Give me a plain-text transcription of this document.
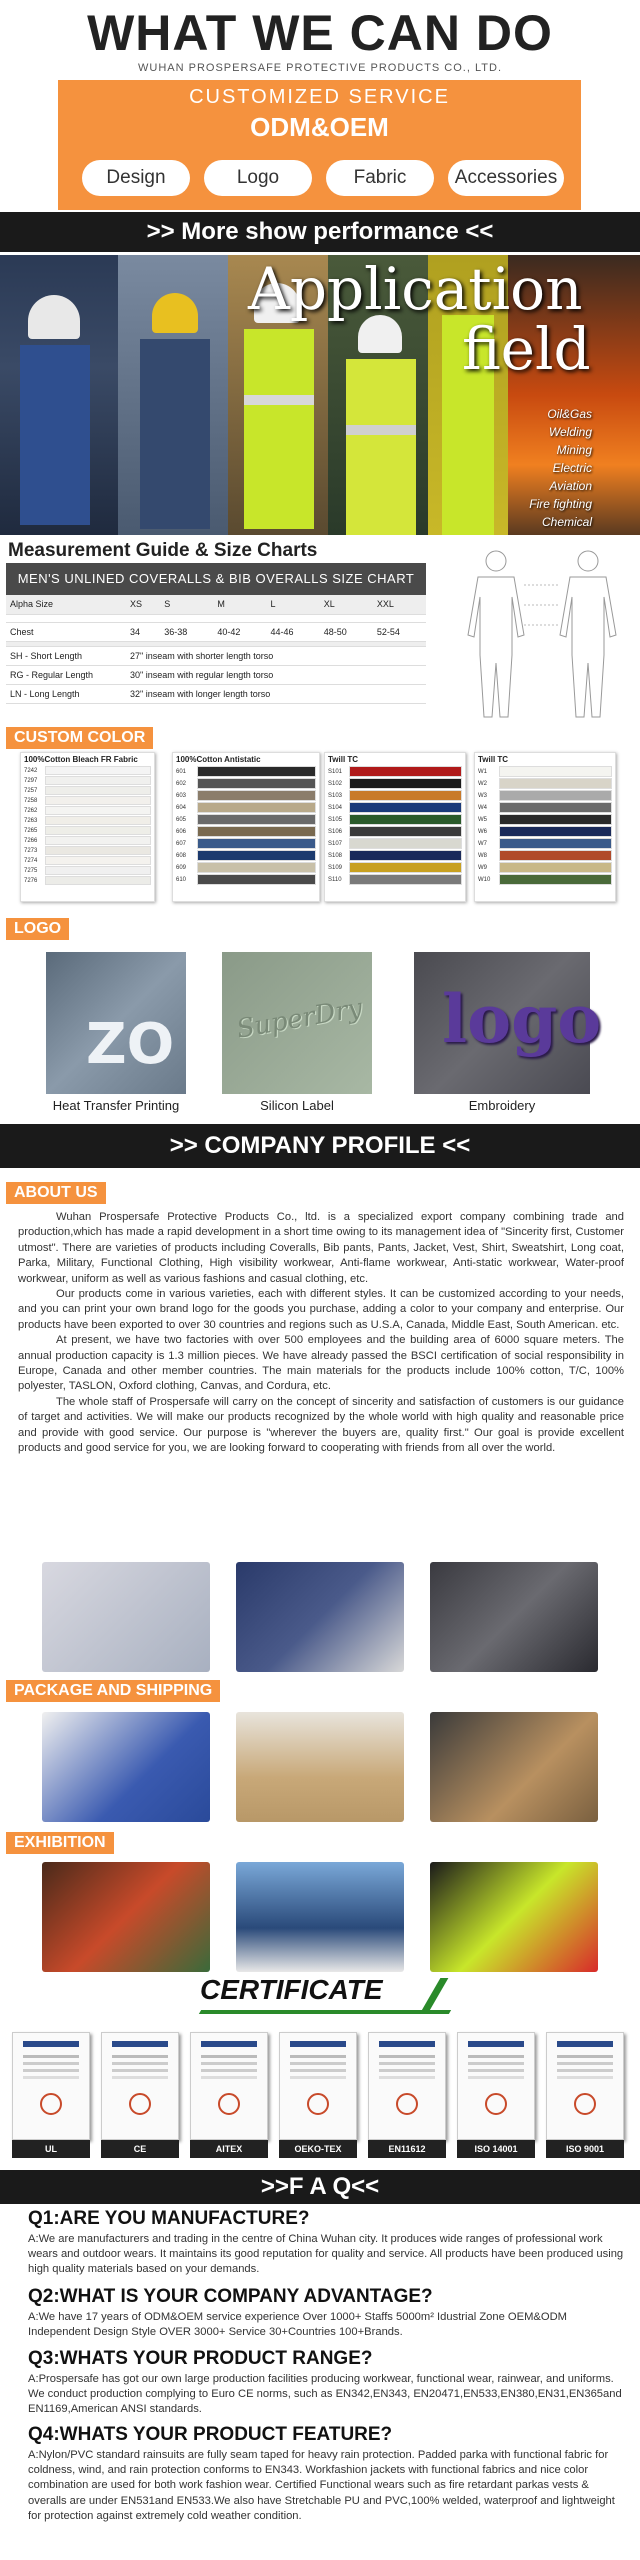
WHAT WE CAN DO
WUHAN PROSPERSAFE PROTECTIVE PRODUCTS CO., LTD.
CUSTOMIZED SERVICE
ODM&OEM
Design	Logo	Fabric	Accessories
>> More show performance <<
Application
field
Oil&Gas
Welding
Mining
Electric
Aviation
Fire fighting
Chemical
Measurement Guide & Size Charts
MEN'S UNLINED COVERALLS & BIB OVERALLS SIZE CHART
Alpha Size	XS	S	M	L	XL	XXL

Chest	34	36-38	40-42	44-46	48-50	52-54

SH - Short Length	27" inseam with shorter length torso					
RG - Regular Length	30" inseam with regular length torso					
LN - Long Length	32" inseam with longer length torso					
CUSTOM COLOR
100%Cotton Bleach FR Fabric
7242
7297
7257
7258
7262
7263
7265
7266
7273
7274
7275
7276
100%Cotton Antistatic
601
602
603
604
605
606
607
608
609
610
Twill TC
S101
S102
S103
S104
S105
S106
S107
S108
S109
S110
Twill TC
W1
W2
W3
W4
W5
W6
W7
W8
W9
W10
LOGO
ZO SuperDry logo
Heat Transfer Printing	Silicon Label	Embroidery
>> COMPANY PROFILE <<
ABOUT US

Wuhan Prospersafe Protective Products Co., ltd. is a specialized export company combining trade and production,which has made a rapid development in a short time owing to its management idea of "Sincerity first, Customer utmost". There are varieties of products including Coveralls, Bib pants, Pants, Jacket, Vest, Shirt, Sweatshirt, Long coat, Parka, Military, Functional Clothing, High visibility workwear, Anti-flame workwear, Anti-static workwear, Water-proof workwear, uniform as well as various fashions and casual clothing, etc.

Our products come in various varieties, each with different styles. It can be customized according to your needs, and you can print your own brand logo for the goods you purchase, adding a color to your company and enterprise. Our products have been exported to over 30 countries and regions such as U.S.A, Canada, Middle East, South American. etc.

At present, we have two factories with over 500 employees and the building area of 6000 square meters. The annual production capacity is 1.3 million pieces. We have already passed the BSCI certification of social responsibility in Europe, Canada and other member countries. The main materials for the products include 100% cotton, T/C, 100% polyester, TASLON, Oxford clothing, Canvas, and Cordura, etc.

The whole staff of Prospersafe will carry on the concept of sincerity and satisfaction of customers is our guidance of target and activities. We will make our products recognized by the whole world with high quality and reasonable price and provide with good service. Our purpose is "wherever the buyers are, quality first." Our goal is provide excellent products and good service for you, we are looking forward to cooperating with friends from all over the world.

PACKAGE AND SHIPPING
EXHIBITION
CERTIFICATE
UL	CE	AITEX	OEKO-TEX	EN11612	ISO 14001	ISO 9001
>>F A Q<<
Q1:ARE YOU MANUFACTURE?
A:We are manufacturers and trading in the centre of China Wuhan city. It produces wide ranges of professional work wears and outdoor wears. It maintains its good reputation for quality and service. All products have been produced using high quality materials based on your demands.
Q2:WHAT IS YOUR COMPANY ADVANTAGE?
A:We have 17 years of ODM&OEM service experience Over 1000+ Staffs 5000m² Idustrial Zone OEM&ODM Independent Design Style OVER 3000+ Service 30+Countries 100+Brands.
Q3:WHATS YOUR PRODUCT RANGE?
A:Prospersafe has got our own large production facilities producing workwear, functional wear, rainwear, and uniforms. We conduct production complying to Euro CE norms, such as EN342,EN343, EN20471,EN533,EN380,EN31,EN365and EN1169,American ANSI standards.
Q4:WHATS YOUR PRODUCT FEATURE?
A:Nylon/PVC standard rainsuits are fully seam taped for heavy rain protection. Padded parka with functional fabric for coldness, wind, and rain protection conforms to EN343. Workfashion jackets with functional fabrics and nice color combination are used for both work fashion wear. Certified Functional wears such as fire retardant parkas vests & overalls are under EN531and EN533.We also have Stretchable PU and PVC,100% welded, waterproof and lightweight for protection against extremely cold weather condition.
